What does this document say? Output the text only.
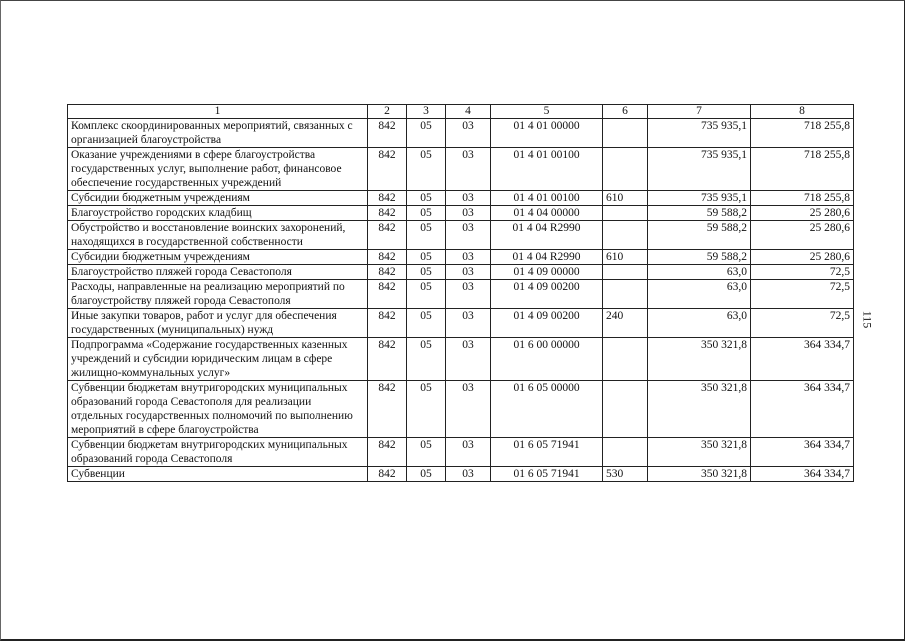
1	2	3	4	5	6	7	8
Комплекс скоординированных мероприятий, связанных с организацией благоустройства	842	05	03	01 4 01 00000		735 935,1	718 255,8
Оказание учреждениями в сфере благоустройства государственных услуг, выполнение работ, финансовое обеспечение государственных учреждений	842	05	03	01 4 01 00100		735 935,1	718 255,8
Субсидии бюджетным учреждениям	842	05	03	01 4 01 00100	610	735 935,1	718 255,8
Благоустройство городских кладбищ	842	05	03	01 4 04 00000		59 588,2	25 280,6
Обустройство и восстановление воинских захоронений, находящихся в государственной собственности	842	05	03	01 4 04 R2990		59 588,2	25 280,6
Субсидии бюджетным учреждениям	842	05	03	01 4 04 R2990	610	59 588,2	25 280,6
Благоустройство пляжей города Севастополя	842	05	03	01 4 09 00000		63,0	72,5
Расходы, направленные на реализацию мероприятий по благоустройству пляжей города Севастополя	842	05	03	01 4 09 00200		63,0	72,5
Иные закупки товаров, работ и услуг для обеспечения государственных (муниципальных) нужд	842	05	03	01 4 09 00200	240	63,0	72,5
Подпрограмма «Содержание государственных казенных учреждений и субсидии юридическим лицам в сфере жилищно-коммунальных услуг»	842	05	03	01 6 00 00000		350 321,8	364 334,7
Субвенции бюджетам внутригородских муниципальных образований города Севастополя для реализации отдельных государственных полномочий по выполнению мероприятий в сфере благоустройства	842	05	03	01 6 05 00000		350 321,8	364 334,7
Субвенции бюджетам внутригородских муниципальных образований города Севастополя	842	05	03	01 6 05 71941		350 321,8	364 334,7
Субвенции	842	05	03	01 6 05 71941	530	350 321,8	364 334,7
115
